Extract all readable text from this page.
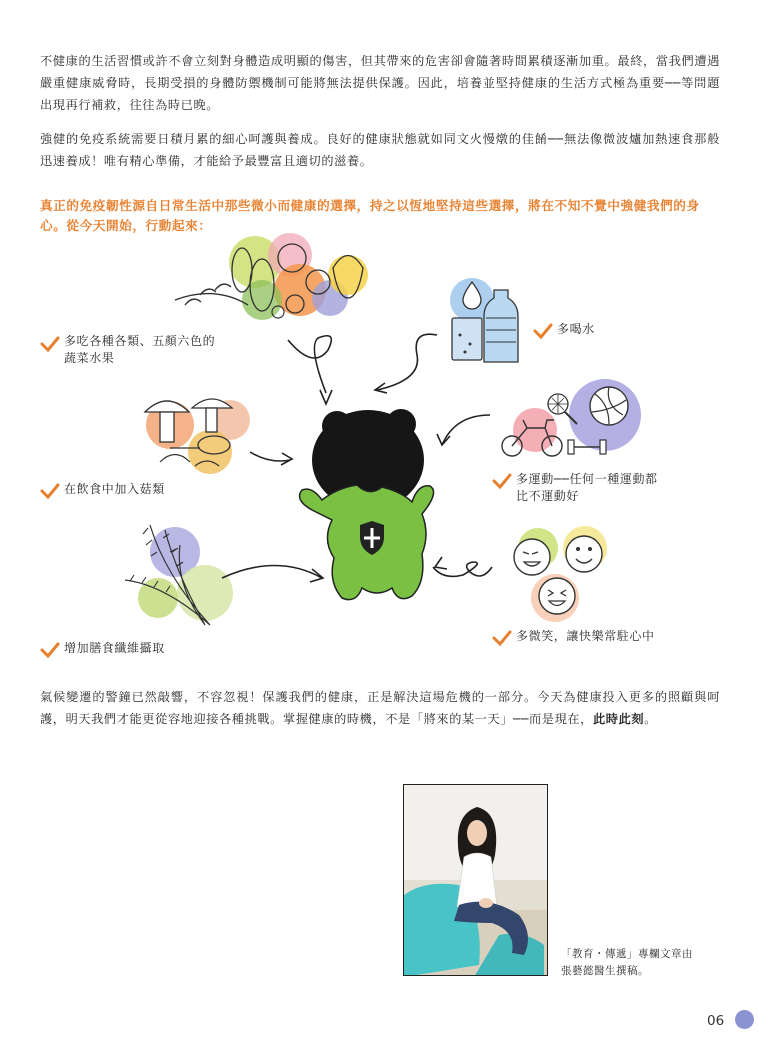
不健康的生活習慣或許不會立刻對身體造成明顯的傷害，但其帶來的危害卻會隨著時間累積逐漸加重。最終，當我們遭遇嚴重健康威脅時，長期受損的身體防禦機制可能將無法提供保護。因此，培養並堅持健康的生活方式極為重要──等問題出現再行補救，往往為時已晚。

強健的免疫系統需要日積月累的細心呵護與養成。良好的健康狀態就如同文火慢燉的佳餚──無法像微波爐加熱速食那般迅速養成！唯有精心準備，才能給予最豐富且適切的滋養。

真正的免疫韌性源自日常生活中那些微小而健康的選擇，持之以恆地堅持這些選擇，將在不知不覺中強健我們的身心。從今天開始，行動起來：

多吃各種各類、五顏六色的
蔬菜水果
多喝水
在飲食中加入菇類
多運動──任何一種運動都
比不運動好
增加膳食纖維攝取
多微笑，讓快樂常駐心中

氣候變遷的警鐘已然敲響，不容忽視！保護我們的健康，正是解決這場危機的一部分。今天為健康投入更多的照顧與呵護，明天我們才能更從容地迎接各種挑戰。掌握健康的時機，不是「將來的某一天」──而是現在，此時此刻。

「教育・傳遞」專欄文章由
張藝懿醫生撰稿。
06
